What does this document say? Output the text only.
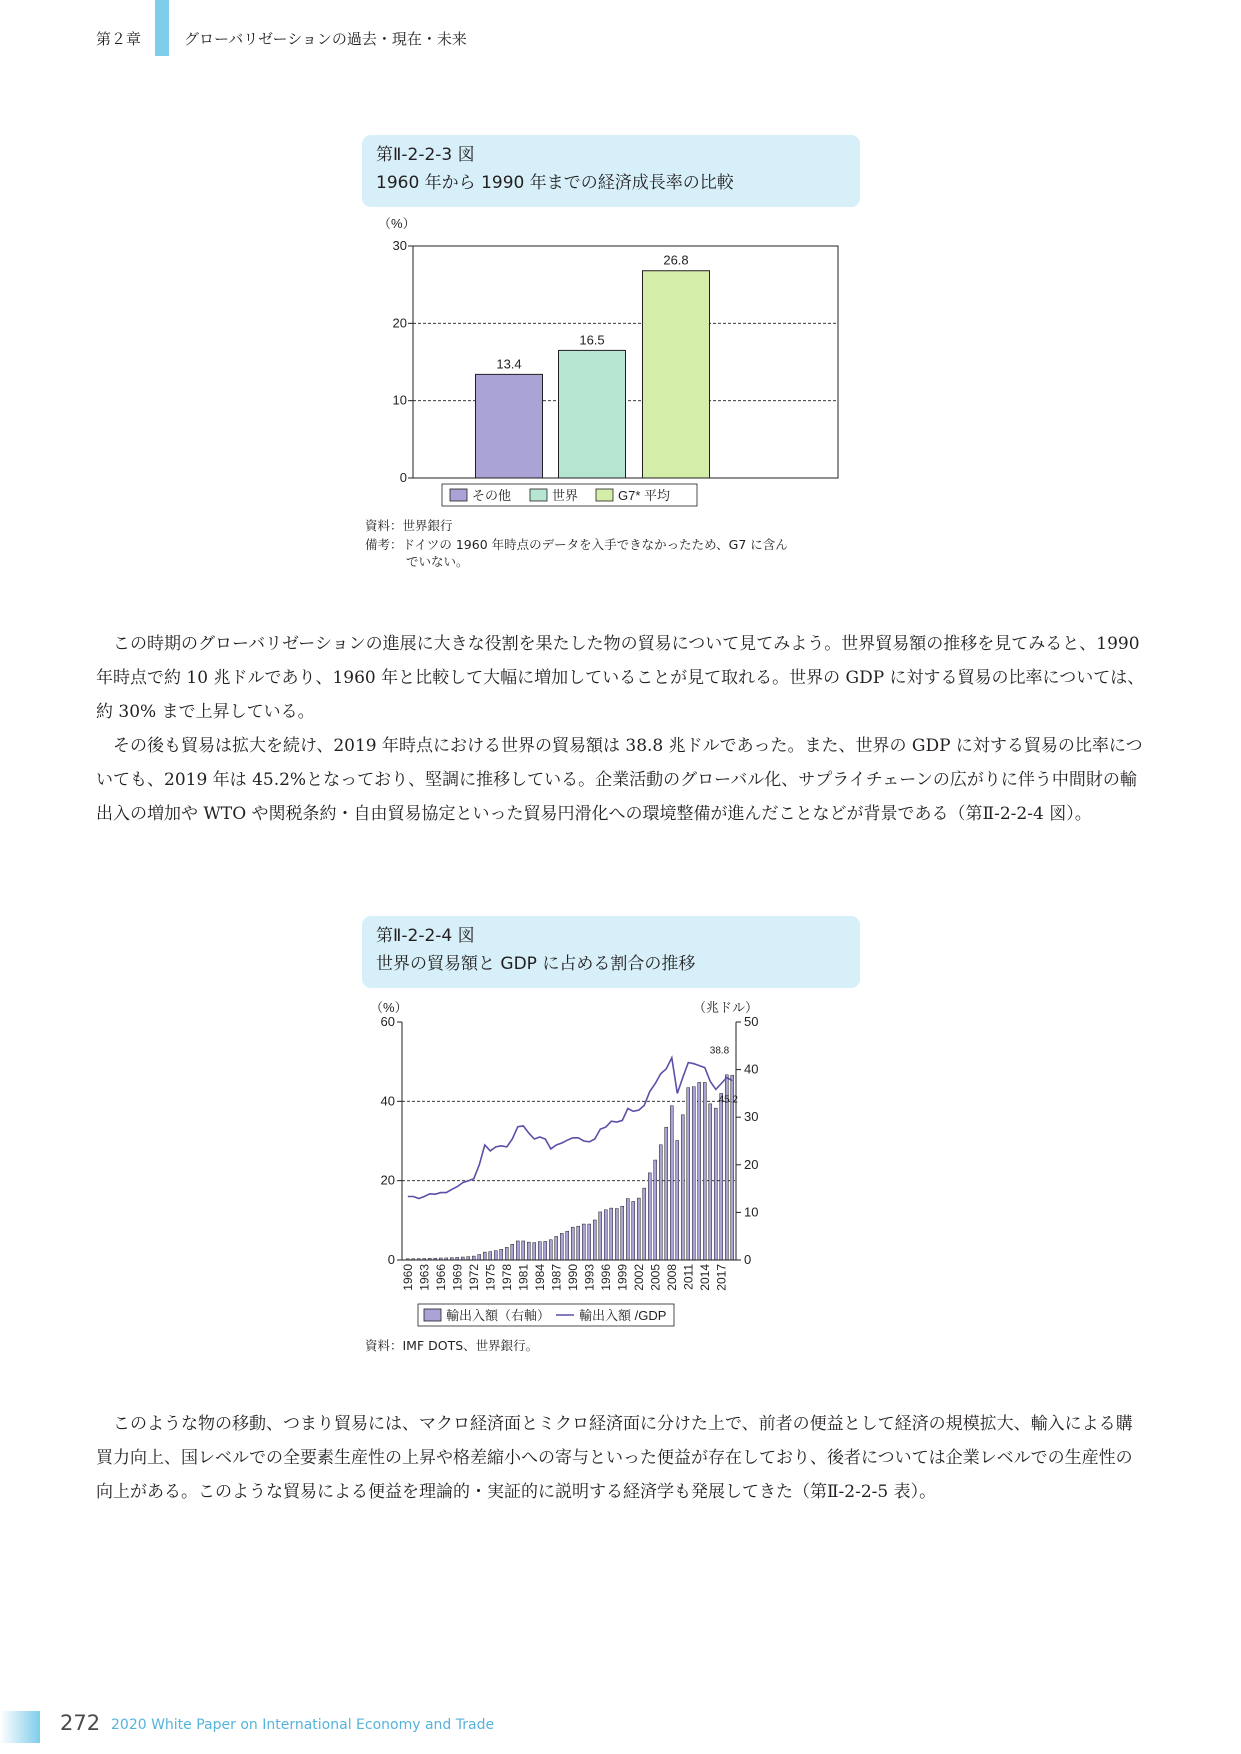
第２章	グローバリゼーションの過去・現在・未来
第Ⅱ-2-2-3 図
1960 年から 1990 年までの経済成長率の比較
（%）
0
10
20
30
13.4
16.5
26.8
その他	世界	G7* 平均
資料：世界銀行
備考：ドイツの 1960 年時点のデータを入手できなかったため、G7 に含ん
でいない。

この時期のグローバリゼーションの進展に大きな役割を果たした物の貿易について見てみよう。世界貿易額の推移を見てみると、1990 年時点で約 10 兆ドルであり、1960 年と比較して大幅に増加していることが見て取れる。世界の GDP に対する貿易の比率については、約 30% まで上昇している。

その後も貿易は拡大を続け、2019 年時点における世界の貿易額は 38.8 兆ドルであった。また、世界の GDP に対する貿易の比率についても、2019 年は 45.2%となっており、堅調に推移している。企業活動のグローバル化、サプライチェーンの広がりに伴う中間財の輸出入の増加や WTO や関税条約・自由貿易協定といった貿易円滑化への環境整備が進んだことなどが背景である（第Ⅱ-2-2-4 図）。

第Ⅱ-2-2-4 図
世界の貿易額と GDP に占める割合の推移
（%）	（兆ドル）
0
20
40
60
0
10
20
30
40
50
38.8
45.2
1960 1963 1966 1969 1972 1975 1978 1981 1984 1987 1990 1993 1996 1999 2002 2005 2008 2011 2014 2017
輸出入額（右軸） 輸出入額 /GDP
資料：IMF DOTS、世界銀行。

このような物の移動、つまり貿易には、マクロ経済面とミクロ経済面に分けた上で、前者の便益として経済の規模拡大、輸入による購買力向上、国レベルでの全要素生産性の上昇や格差縮小への寄与といった便益が存在しており、後者については企業レベルでの生産性の向上がある。このような貿易による便益を理論的・実証的に説明する経済学も発展してきた（第Ⅱ-2-2-5 表）。

272 2020 White Paper on International Economy and Trade
